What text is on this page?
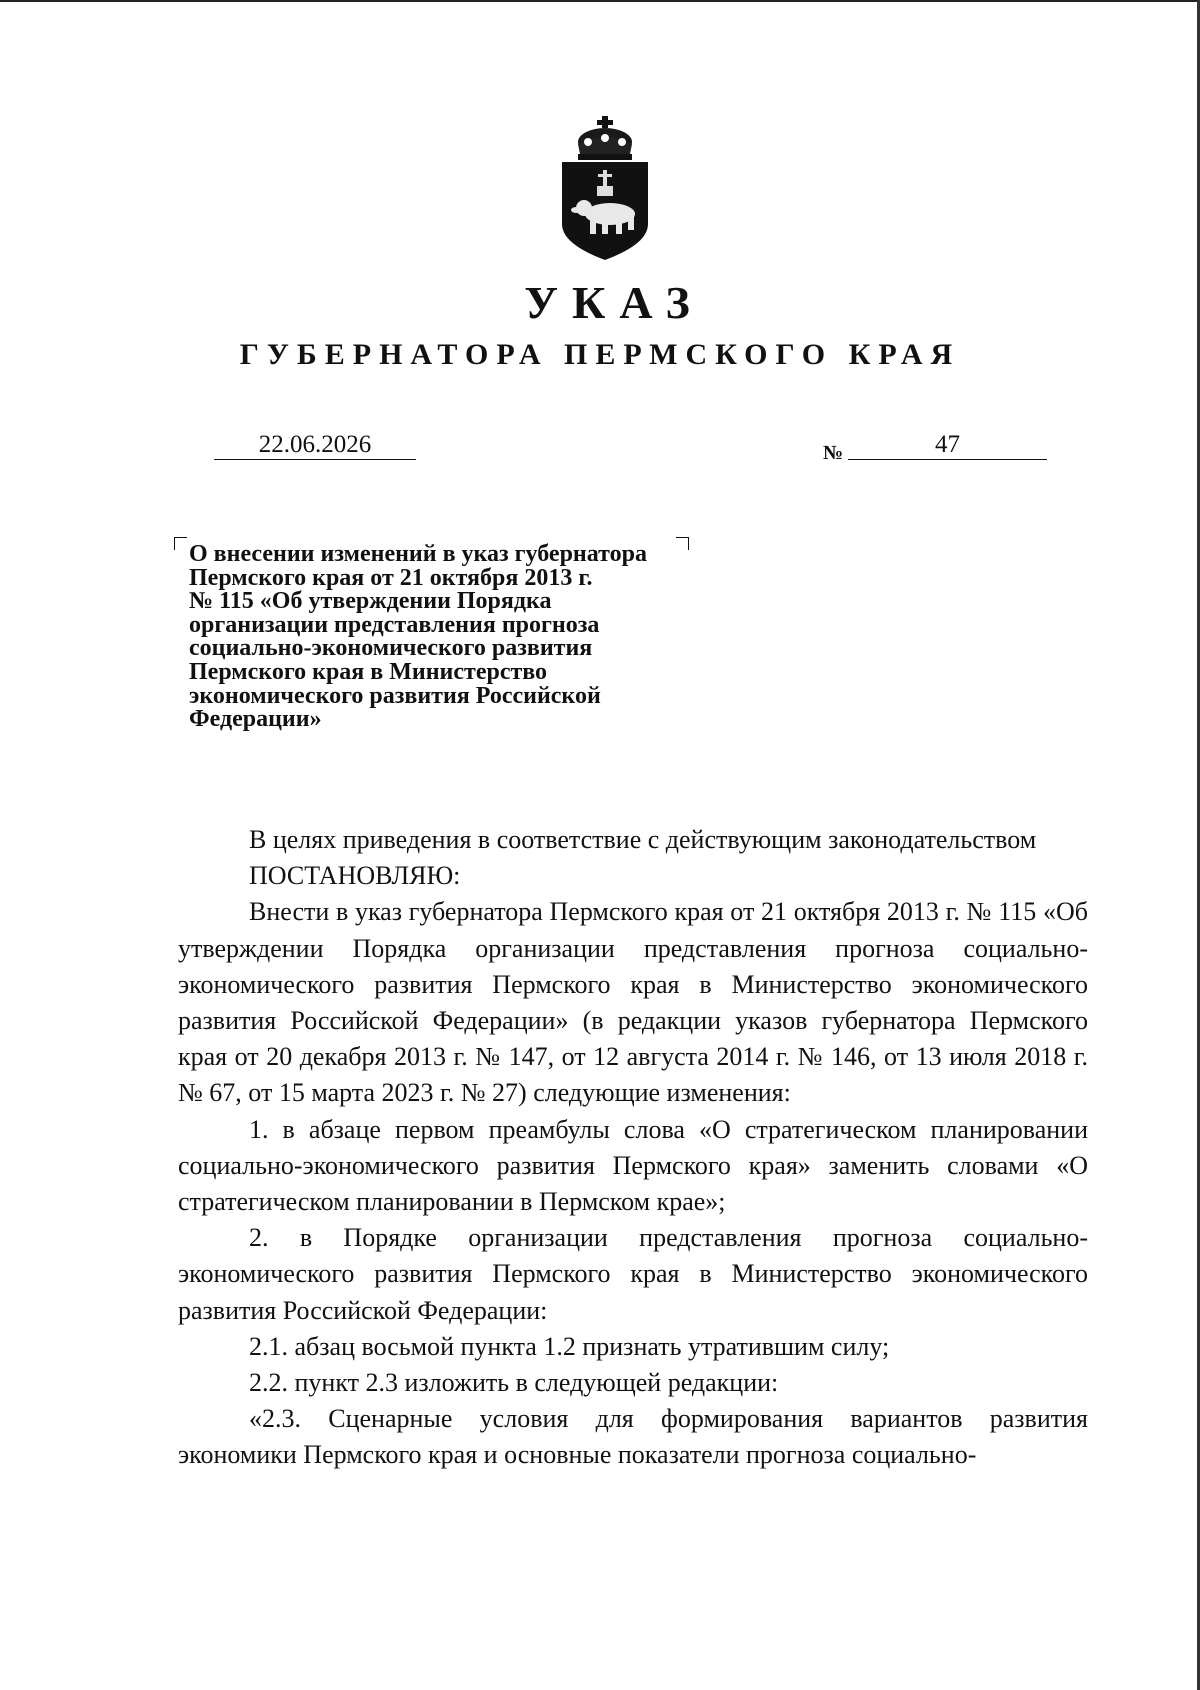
УКАЗ
ГУБЕРНАТОРА ПЕРМСКОГО КРАЯ
22.06.2026	№	47
О внесении изменений в указ губернатора
Пермского края от 21 октября 2013 г.
№ 115 «Об утверждении Порядка
организации представления прогноза
социально-экономического развития
Пермского края в Министерство
экономического развития Российской
Федерации»

В целях приведения в соответствие с действующим законодательством

ПОСТАНОВЛЯЮ:

Внести в указ губернатора Пермского края от 21 октября 2013 г. № 115 «Об утверждении Порядка организации представления прогноза социально-экономического развития Пермского края в Министерство экономического развития Российской Федерации» (в редакции указов губернатора Пермского края от 20 декабря 2013 г. № 147, от 12 августа 2014 г. № 146, от 13 июля 2018 г. № 67, от 15 марта 2023 г. № 27) следующие изменения:

1. в абзаце первом преамбулы слова «О стратегическом планировании социально-экономического развития Пермского края» заменить словами «О стратегическом планировании в Пермском крае»;

2. в Порядке организации представления прогноза социально-экономического развития Пермского края в Министерство экономического развития Российской Федерации:

2.1. абзац восьмой пункта 1.2 признать утратившим силу;

2.2. пункт 2.3 изложить в следующей редакции:

«2.3. Сценарные условия для формирования вариантов развития экономики Пермского края и основные показатели прогноза социально-
